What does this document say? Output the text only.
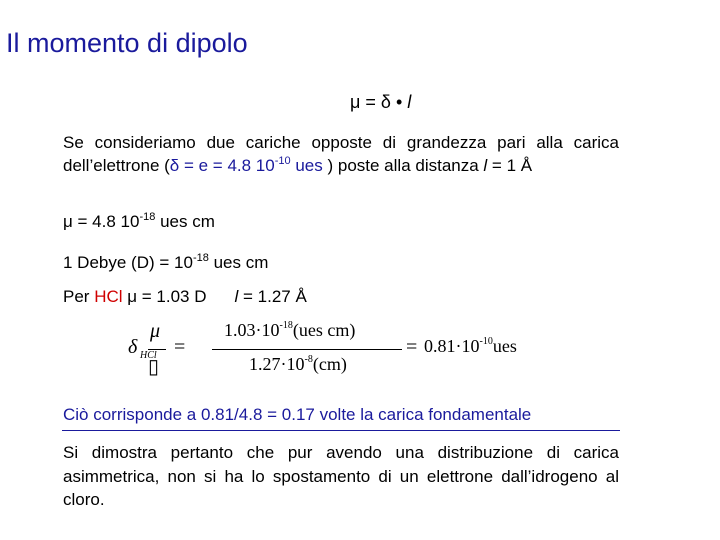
Il momento di dipolo
μ = δ • l
Se consideriamo due cariche opposte di grandezza pari alla carica dell’elettrone (δ = e = 4.8 $10^{-10}$ ues ) poste alla distanza l = 1 Å
μ = 4.8 $10^{-18}$ ues cm
1 Debye $(D) = 10^{-18}$ ues cm
Per HCl μ = 1.03 D l = 1.27 Å
μ
▯
δ HCl =
$1.03\cdot 10^{-18}(ues$ cm)
$1.27\cdot 10^{-8}(cm)$
= $0.81\cdot 10^{-10}ues$
Ciò corrisponde a 0.81/4.8 = 0.17 volte la carica fondamentale
Si dimostra pertanto che pur avendo una distribuzione di carica asimmetrica, non si ha lo spostamento di un elettrone dall’idrogeno al cloro.
